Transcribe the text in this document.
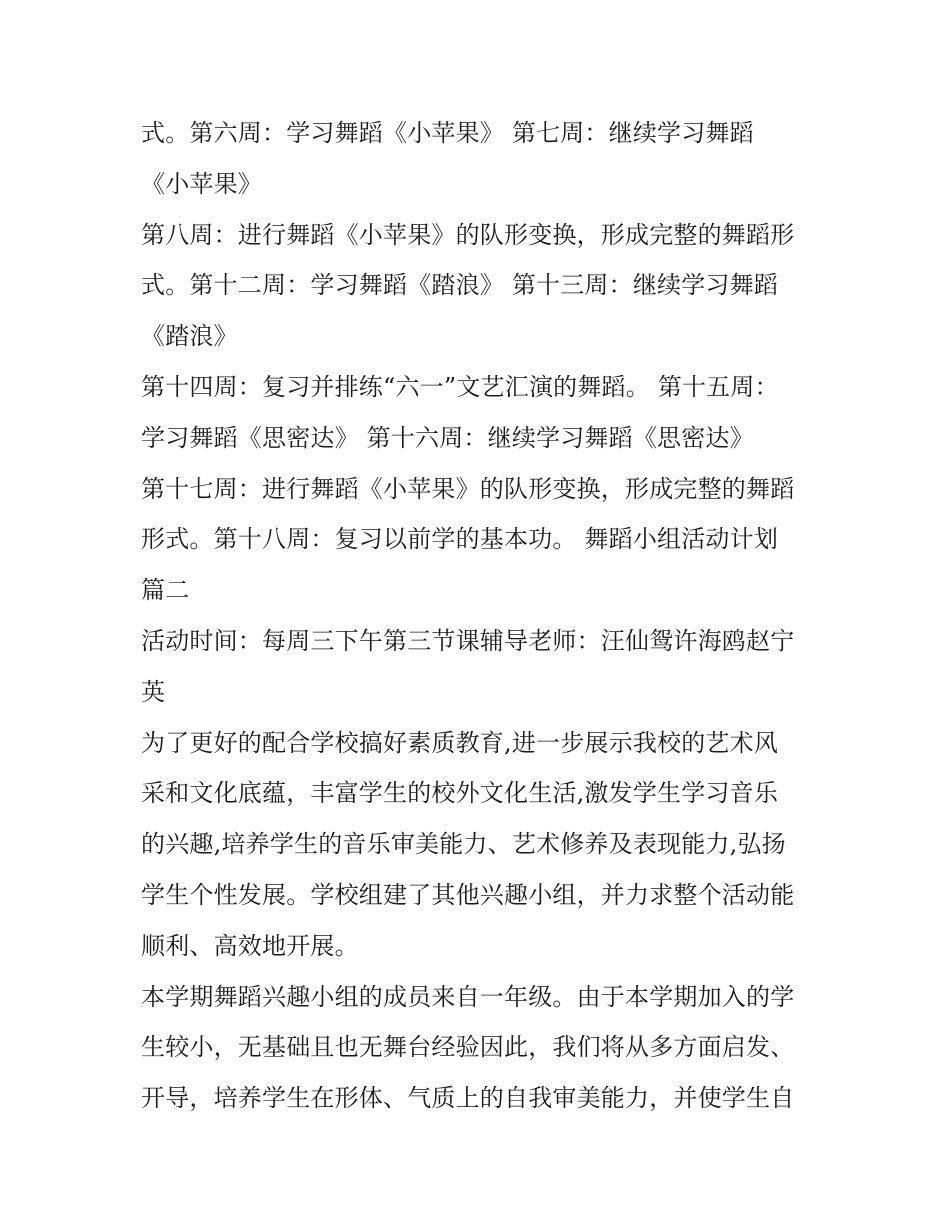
式。第六周：学习舞蹈《小苹果》 第七周：继续学习舞蹈
《小苹果》
第八周：进行舞蹈《小苹果》的队形变换，形成完整的舞蹈形
式。第十二周：学习舞蹈《踏浪》 第十三周：继续学习舞蹈
《踏浪》
第十四周：复习并排练“六一”文艺汇演的舞蹈。 第十五周：
学习舞蹈《思密达》 第十六周：继续学习舞蹈《思密达》
第十七周：进行舞蹈《小苹果》的队形变换，形成完整的舞蹈
形式。第十八周：复习以前学的基本功。 舞蹈小组活动计划
篇二
活动时间：每周三下午第三节课辅导老师：汪仙鸳许海鸥赵宁
英
为了更好的配合学校搞好素质教育,进一步展示我校的艺术风
采和文化底蕴，丰富学生的校外文化生活,激发学生学习音乐
的兴趣,培养学生的音乐审美能力、艺术修养及表现能力,弘扬
学生个性发展。学校组建了其他兴趣小组，并力求整个活动能
顺利、高效地开展。
本学期舞蹈兴趣小组的成员来自一年级。由于本学期加入的学
生较小，无基础且也无舞台经验因此，我们将从多方面启发、
开导，培养学生在形体、气质上的自我审美能力，并使学生自
